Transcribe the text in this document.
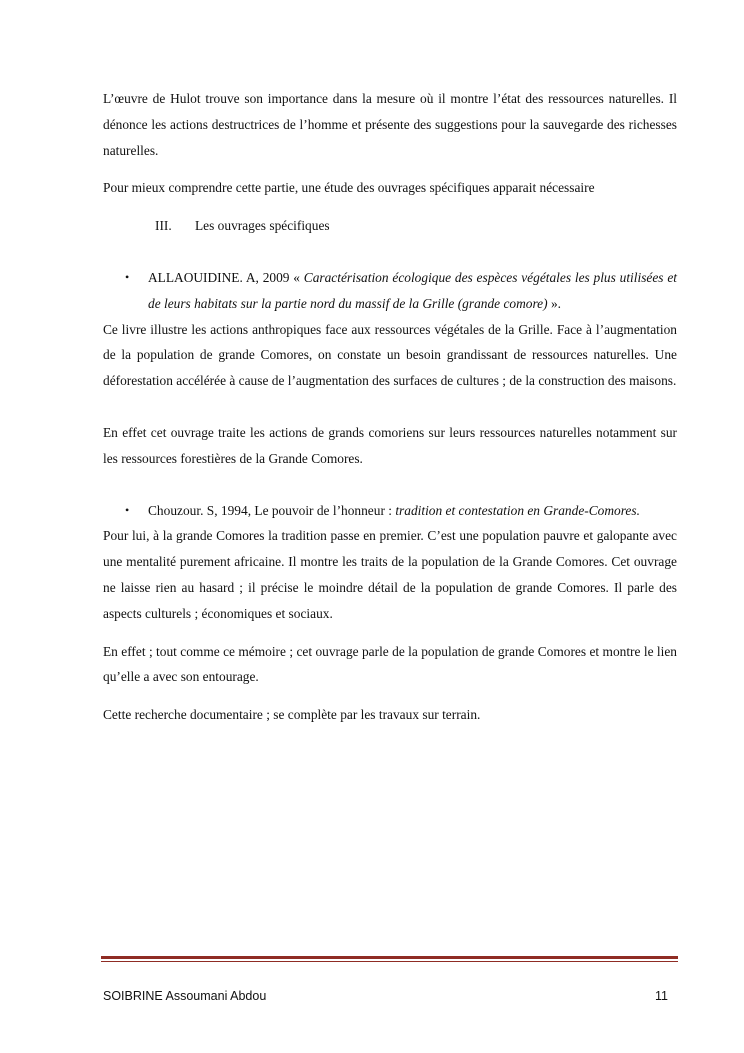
L’œuvre de Hulot trouve son importance dans la mesure où il montre l’état des ressources naturelles. Il dénonce les actions destructrices de l’homme et présente des suggestions pour la sauvegarde des richesses naturelles.

Pour mieux comprendre cette partie, une étude des ouvrages spécifiques apparait nécessaire

III.	Les ouvrages spécifiques
• ALLAOUIDINE. A, 2009 « Caractérisation écologique des espèces végétales les plus utilisées et de leurs habitats sur la partie nord du massif de la Grille (grande comore) ».

Ce livre illustre les actions anthropiques face aux ressources végétales de la Grille. Face à l’augmentation de la population de grande Comores, on constate un besoin grandissant de ressources naturelles. Une déforestation accélérée à cause de l’augmentation des surfaces de cultures ; de la construction des maisons.

En effet cet ouvrage traite les actions de grands comoriens sur leurs ressources naturelles notamment sur les ressources forestières de la Grande Comores.

• Chouzour. S, 1994, Le pouvoir de l’honneur : tradition et contestation en Grande-Comores.

Pour lui, à la grande Comores la tradition passe en premier. C’est une population pauvre et galopante avec une mentalité purement africaine. Il montre les traits de la population de la Grande Comores. Cet ouvrage ne laisse rien au hasard ; il précise le moindre détail de la population de grande Comores. Il parle des aspects culturels ; économiques et sociaux.

En effet ; tout comme ce mémoire ; cet ouvrage parle de la population de grande Comores et montre le lien qu’elle a avec son entourage.

Cette recherche documentaire ; se complète par les travaux sur terrain.

SOIBRINE Assoumani Abdou	11
